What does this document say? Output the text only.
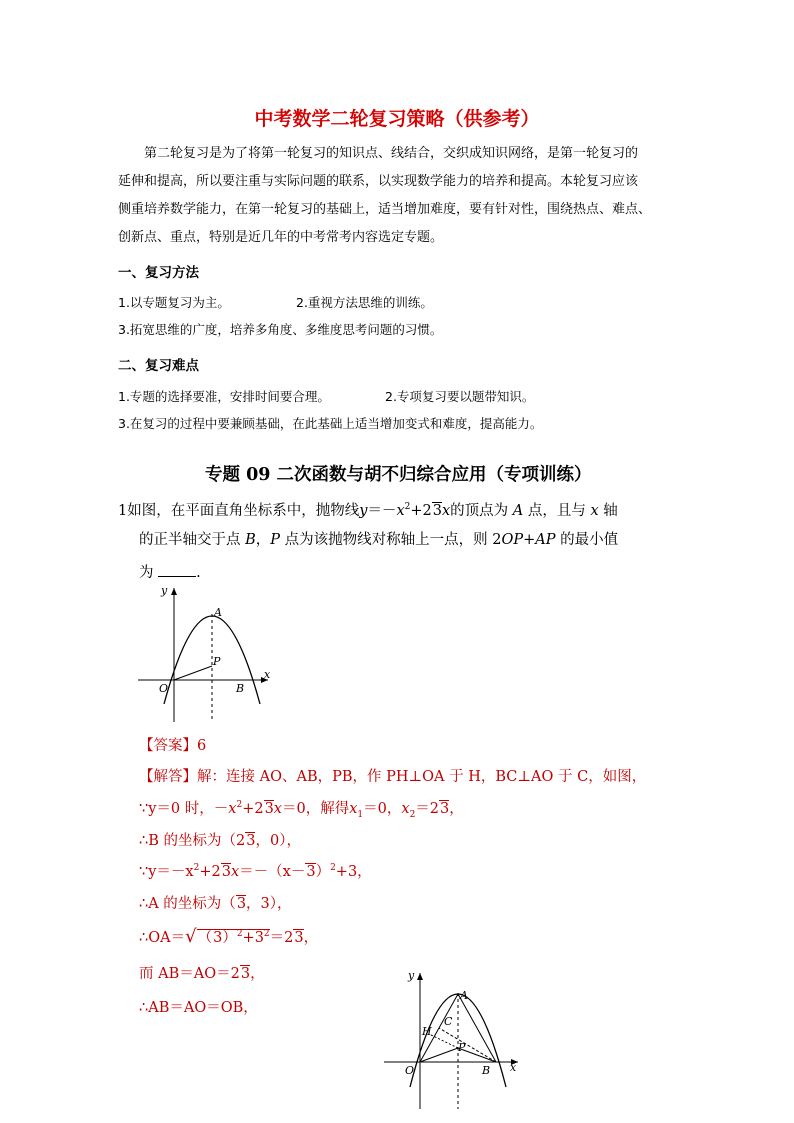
中考数学二轮复习策略（供参考）
第二轮复习是为了将第一轮复习的知识点、线结合，交织成知识网络，是第一轮复习的
延伸和提高，所以要注重与实际问题的联系，以实现数学能力的培养和提高。本轮复习应该
侧重培养数学能力，在第一轮复习的基础上，适当增加难度，要有针对性，围绕热点、难点、
创新点、重点，特别是近几年的中考常考内容选定专题。
一、复习方法
1.以专题复习为主。	2.重视方法思维的训练。
3.拓宽思维的广度，培养多角度、多维度思考问题的习惯。
二、复习难点
1.专题的选择要准，安排时间要合理。	2.专项复习要以题带知识。
3.在复习的过程中要兼顾基础，在此基础上适当增加变式和难度，提高能力。
专题 09 二次函数与胡不归综合应用（专项训练）
1如图，在平面直角坐标系中，抛物线$y=-x^2+23x$的顶点为 A 点，且与 x 轴
的正半轴交于点 B，P 点为该抛物线对称轴上一点，则 2OP+AP 的最小值
为	.
A
P
O	B
x
y
【答案】6
【解答】解：连接 AO、AB，PB，作 PH⊥OA 于 H，BC⊥AO 于 C，如图，
∵y＝0 时，$-x^2+23x=0$，解得$x_1=0$，$x_2=23$，
∴B 的坐标为（23，0），
$\because y=-x^2+23x=-(x-3)^2+3$，
∴A 的坐标为（3，3），
$\therefore OA=√(3)^2+3^2=23$，
而 AB＝AO＝23，
∴AB＝AO＝OB，
A
C
H
P
O	B x
y
